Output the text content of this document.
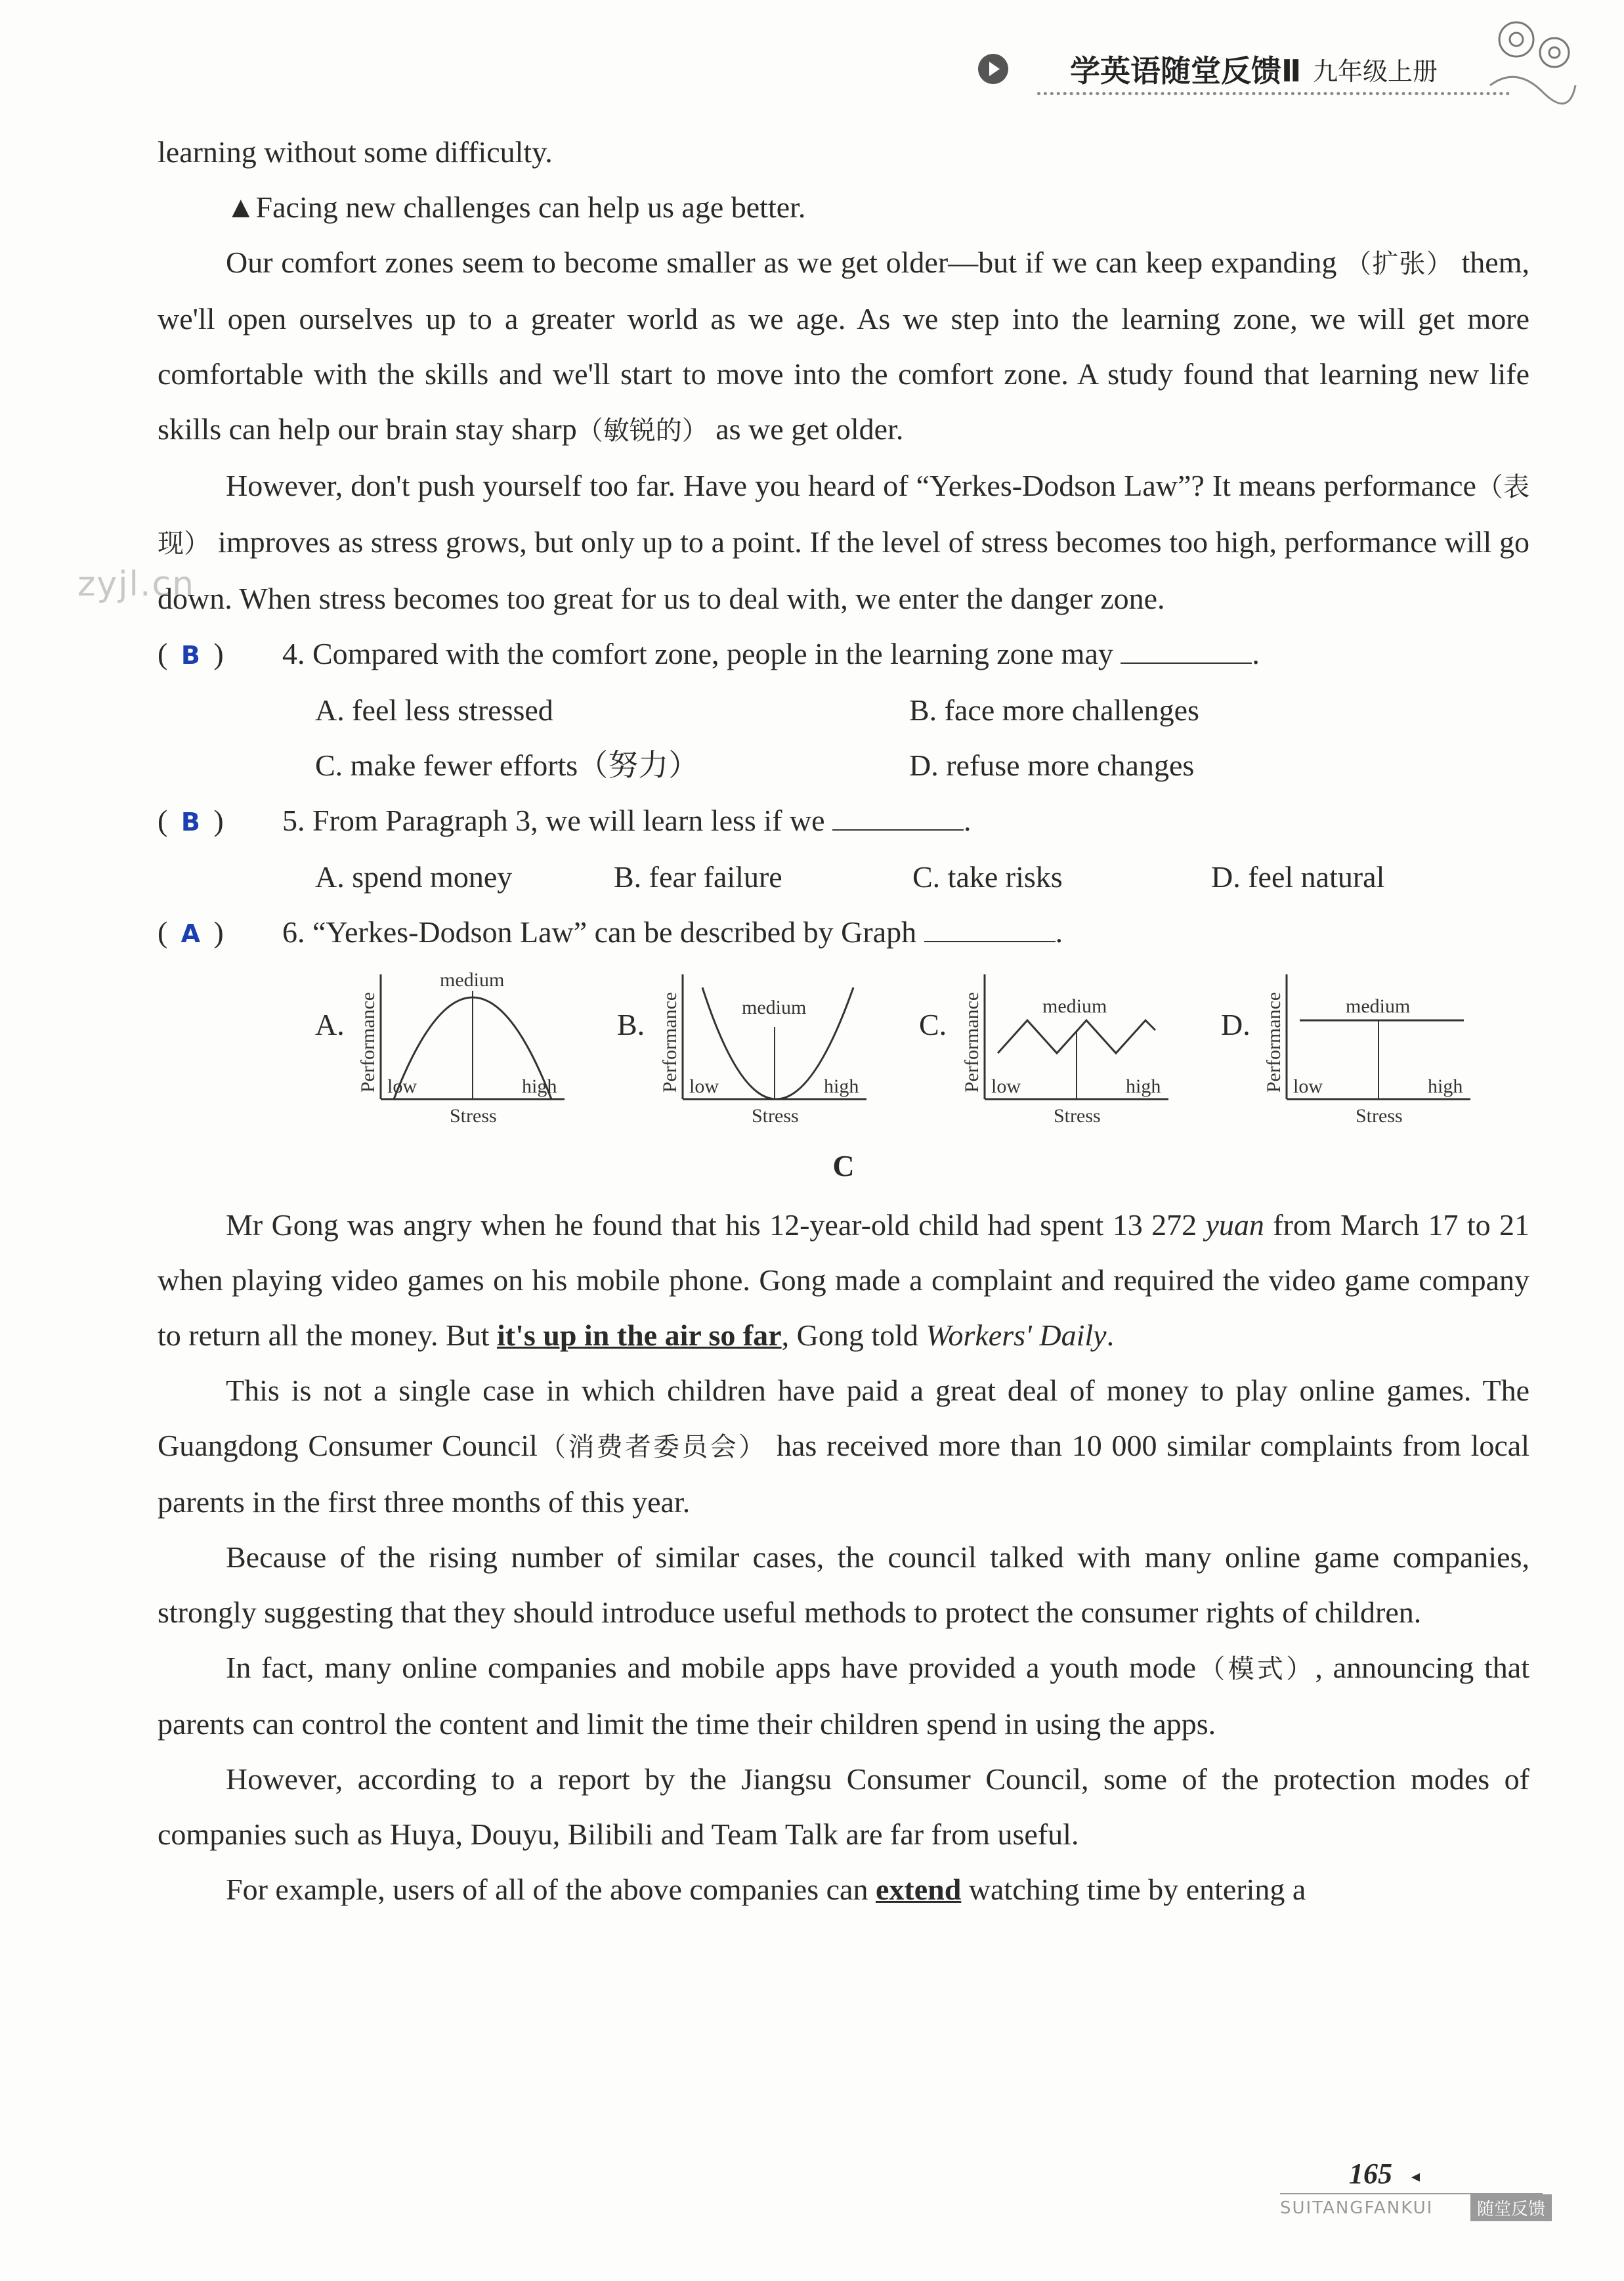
学英语随堂反馈Ⅱ 九年级上册
zyjl.cn

learning without some difficulty.

▲Facing new challenges can help us age better.

Our comfort zones seem to become smaller as we get older—but if we can keep expanding （扩张） them, we'll open ourselves up to a greater world as we age. As we step into the learning zone, we will get more comfortable with the skills and we'll start to move into the comfort zone. A study found that learning new life skills can help our brain stay sharp（敏锐的） as we get older.

However, don't push yourself too far. Have you heard of “Yerkes-Dodson Law”? It means performance（表现） improves as stress grows, but only up to a point. If the level of stress becomes too high, performance will go down. When stress becomes too great for us to deal with, we enter the danger zone.

( B )	4. Compared with the comfort zone, people in the learning zone may	.
A. feel less stressed	B. face more challenges
C. make fewer efforts（努力）	D. refuse more changes
( B )	5. From Paragraph 3, we will learn less if we	.
A. spend money	B. fear failure	C. take risks	D. feel natural
( A )	6. “Yerkes-Dodson Law” can be described by Graph	.
A. Performance
medium
low	high
Stress
B. Performance	medium
low	high
Stress
C. Performance	medium
low	high
Stress
D. Performance	medium
low	high
Stress
C

Mr Gong was angry when he found that his 12-year-old child had spent 13 272 yuan from March 17 to 21 when playing video games on his mobile phone. Gong made a complaint and required the video game company to return all the money. But it's up in the air so far, Gong told Workers' Daily.

This is not a single case in which children have paid a great deal of money to play online games. The Guangdong Consumer Council（消费者委员会） has received more than 10 000 similar complaints from local parents in the first three months of this year.

Because of the rising number of similar cases, the council talked with many online game companies, strongly suggesting that they should introduce useful methods to protect the consumer rights of children.

In fact, many online companies and mobile apps have provided a youth mode（模式）, announcing that parents can control the content and limit the time their children spend in using the apps.

However, according to a report by the Jiangsu Consumer Council, some of the protection modes of companies such as Huya, Douyu, Bilibili and Team Talk are far from useful.

For example, users of all of the above companies can extend watching time by entering a

165 ◂
SUITANGFANKUI	随堂反馈
